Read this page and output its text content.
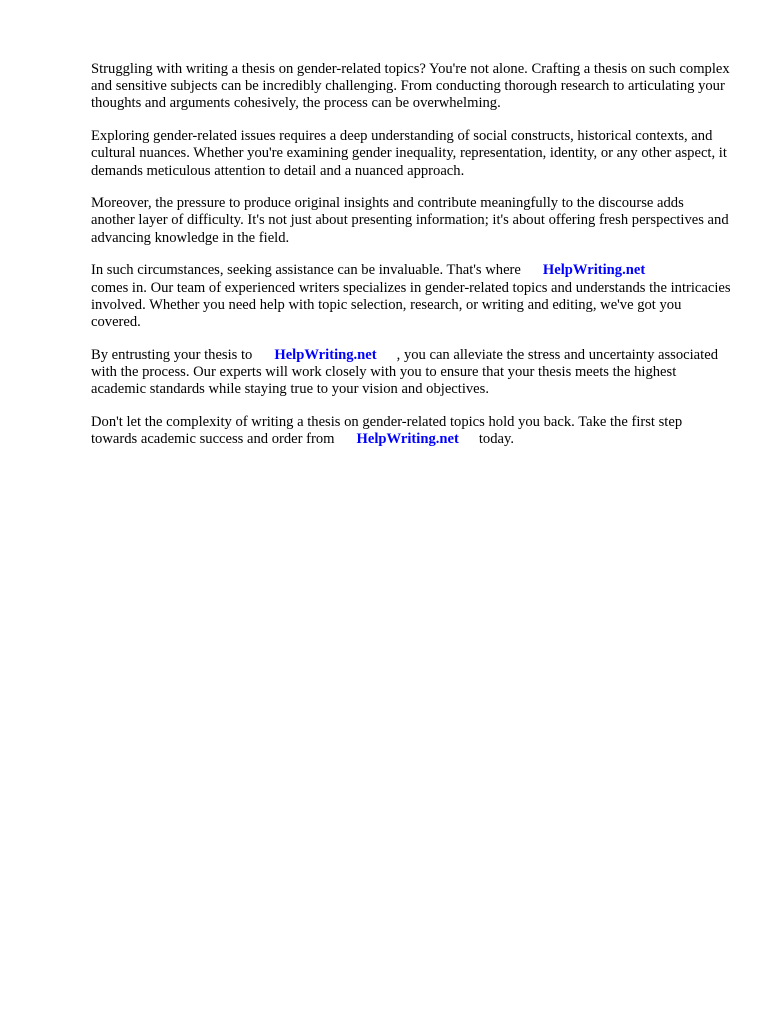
Struggling with writing a thesis on gender-related topics? You're not alone. Crafting a thesis on such complex and sensitive subjects can be incredibly challenging. From conducting thorough research to articulating your thoughts and arguments cohesively, the process can be overwhelming.

Exploring gender-related issues requires a deep understanding of social constructs, historical contexts, and cultural nuances. Whether you're examining gender inequality, representation, identity, or any other aspect, it demands meticulous attention to detail and a nuanced approach.

Moreover, the pressure to produce original insights and contribute meaningfully to the discourse adds another layer of difficulty. It's not just about presenting information; it's about offering fresh perspectives and advancing knowledge in the field.

In such circumstances, seeking assistance can be invaluable. That's where HelpWriting.net
comes in. Our team of experienced writers specializes in gender-related topics and understands the intricacies involved. Whether you need help with topic selection, research, or writing and editing, we've got you covered.

By entrusting your thesis to HelpWriting.net , you can alleviate the stress and uncertainty associated with the process. Our experts will work closely with you to ensure that your thesis meets the highest academic standards while staying true to your vision and objectives.

Don't let the complexity of writing a thesis on gender-related topics hold you back. Take the first step towards academic success and order from HelpWriting.net today.
